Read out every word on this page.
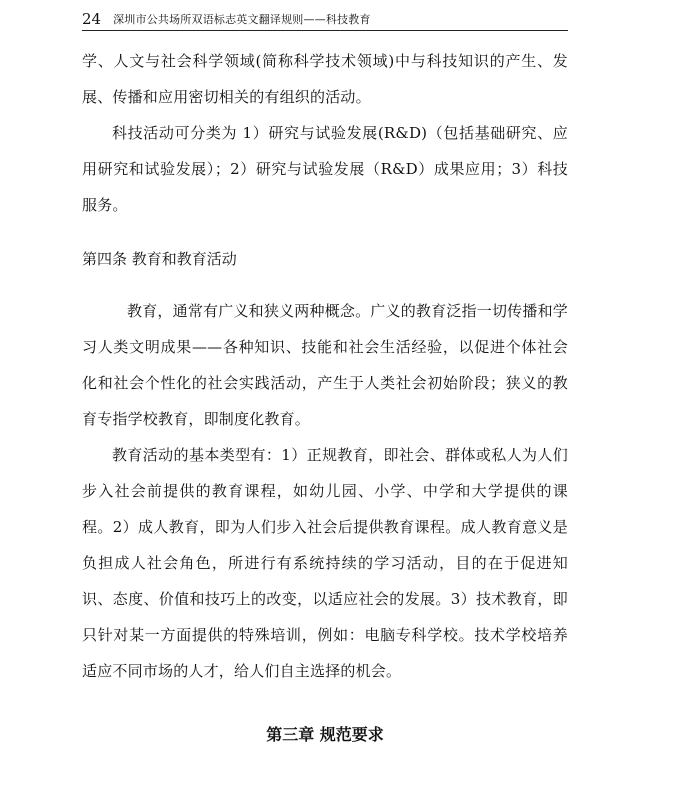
24 深圳市公共场所双语标志英文翻译规则——科技教育

学、人文与社会科学领域(简称科学技术领域)中与科技知识的产生、发展、传播和应用密切相关的有组织的活动。

科技活动可分类为 1）研究与试验发展(R&D)（包括基础研究、应用研究和试验发展）；2）研究与试验发展（R&D）成果应用；3）科技服务。

第四条 教育和教育活动

教育，通常有广义和狭义两种概念。广义的教育泛指一切传播和学习人类文明成果——各种知识、技能和社会生活经验，以促进个体社会化和社会个性化的社会实践活动，产生于人类社会初始阶段；狭义的教育专指学校教育，即制度化教育。

教育活动的基本类型有：1）正规教育，即社会、群体或私人为人们步入社会前提供的教育课程，如幼儿园、小学、中学和大学提供的课程。2）成人教育，即为人们步入社会后提供教育课程。成人教育意义是负担成人社会角色，所进行有系统持续的学习活动，目的在于促进知识、态度、价值和技巧上的改变，以适应社会的发展。3）技术教育，即只针对某一方面提供的特殊培训，例如：电脑专科学校。技术学校培养适应不同市场的人才，给人们自主选择的机会。

第三章 规范要求
